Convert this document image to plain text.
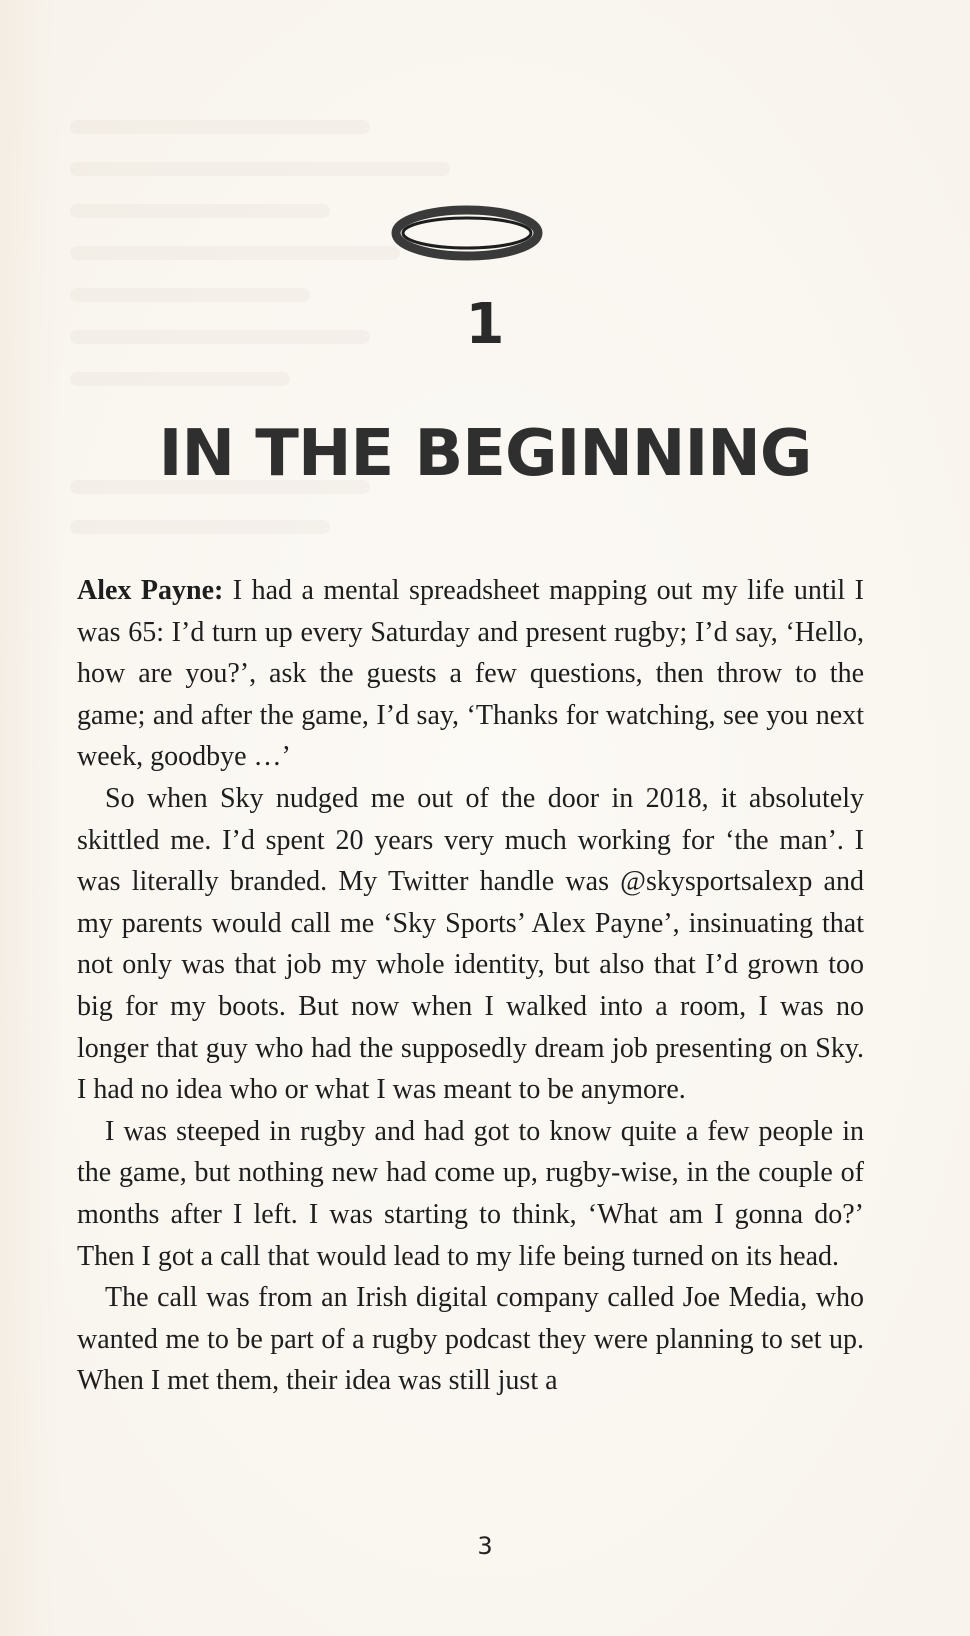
1
IN THE BEGINNING

Alex Payne: I had a mental spreadsheet mapping out my life until I was 65: I’d turn up every Saturday and present rugby; I’d say, ‘Hello, how are you?’, ask the guests a few questions, then throw to the game; and after the game, I’d say, ‘Thanks for watching, see you next week, goodbye …’

So when Sky nudged me out of the door in 2018, it absolutely skittled me. I’d spent 20 years very much working for ‘the man’. I was literally branded. My Twitter handle was @skysportsalexp and my parents would call me ‘Sky Sports’ Alex Payne’, insinuating that not only was that job my whole identity, but also that I’d grown too big for my boots. But now when I walked into a room, I was no longer that guy who had the supposedly dream job presenting on Sky. I had no idea who or what I was meant to be anymore.

I was steeped in rugby and had got to know quite a few people in the game, but nothing new had come up, rugby-wise, in the couple of months after I left. I was starting to think, ‘What am I gonna do?’ Then I got a call that would lead to my life being turned on its head.

The call was from an Irish digital company called Joe Media, who wanted me to be part of a rugby podcast they were planning to set up. When I met them, their idea was still just a

3
